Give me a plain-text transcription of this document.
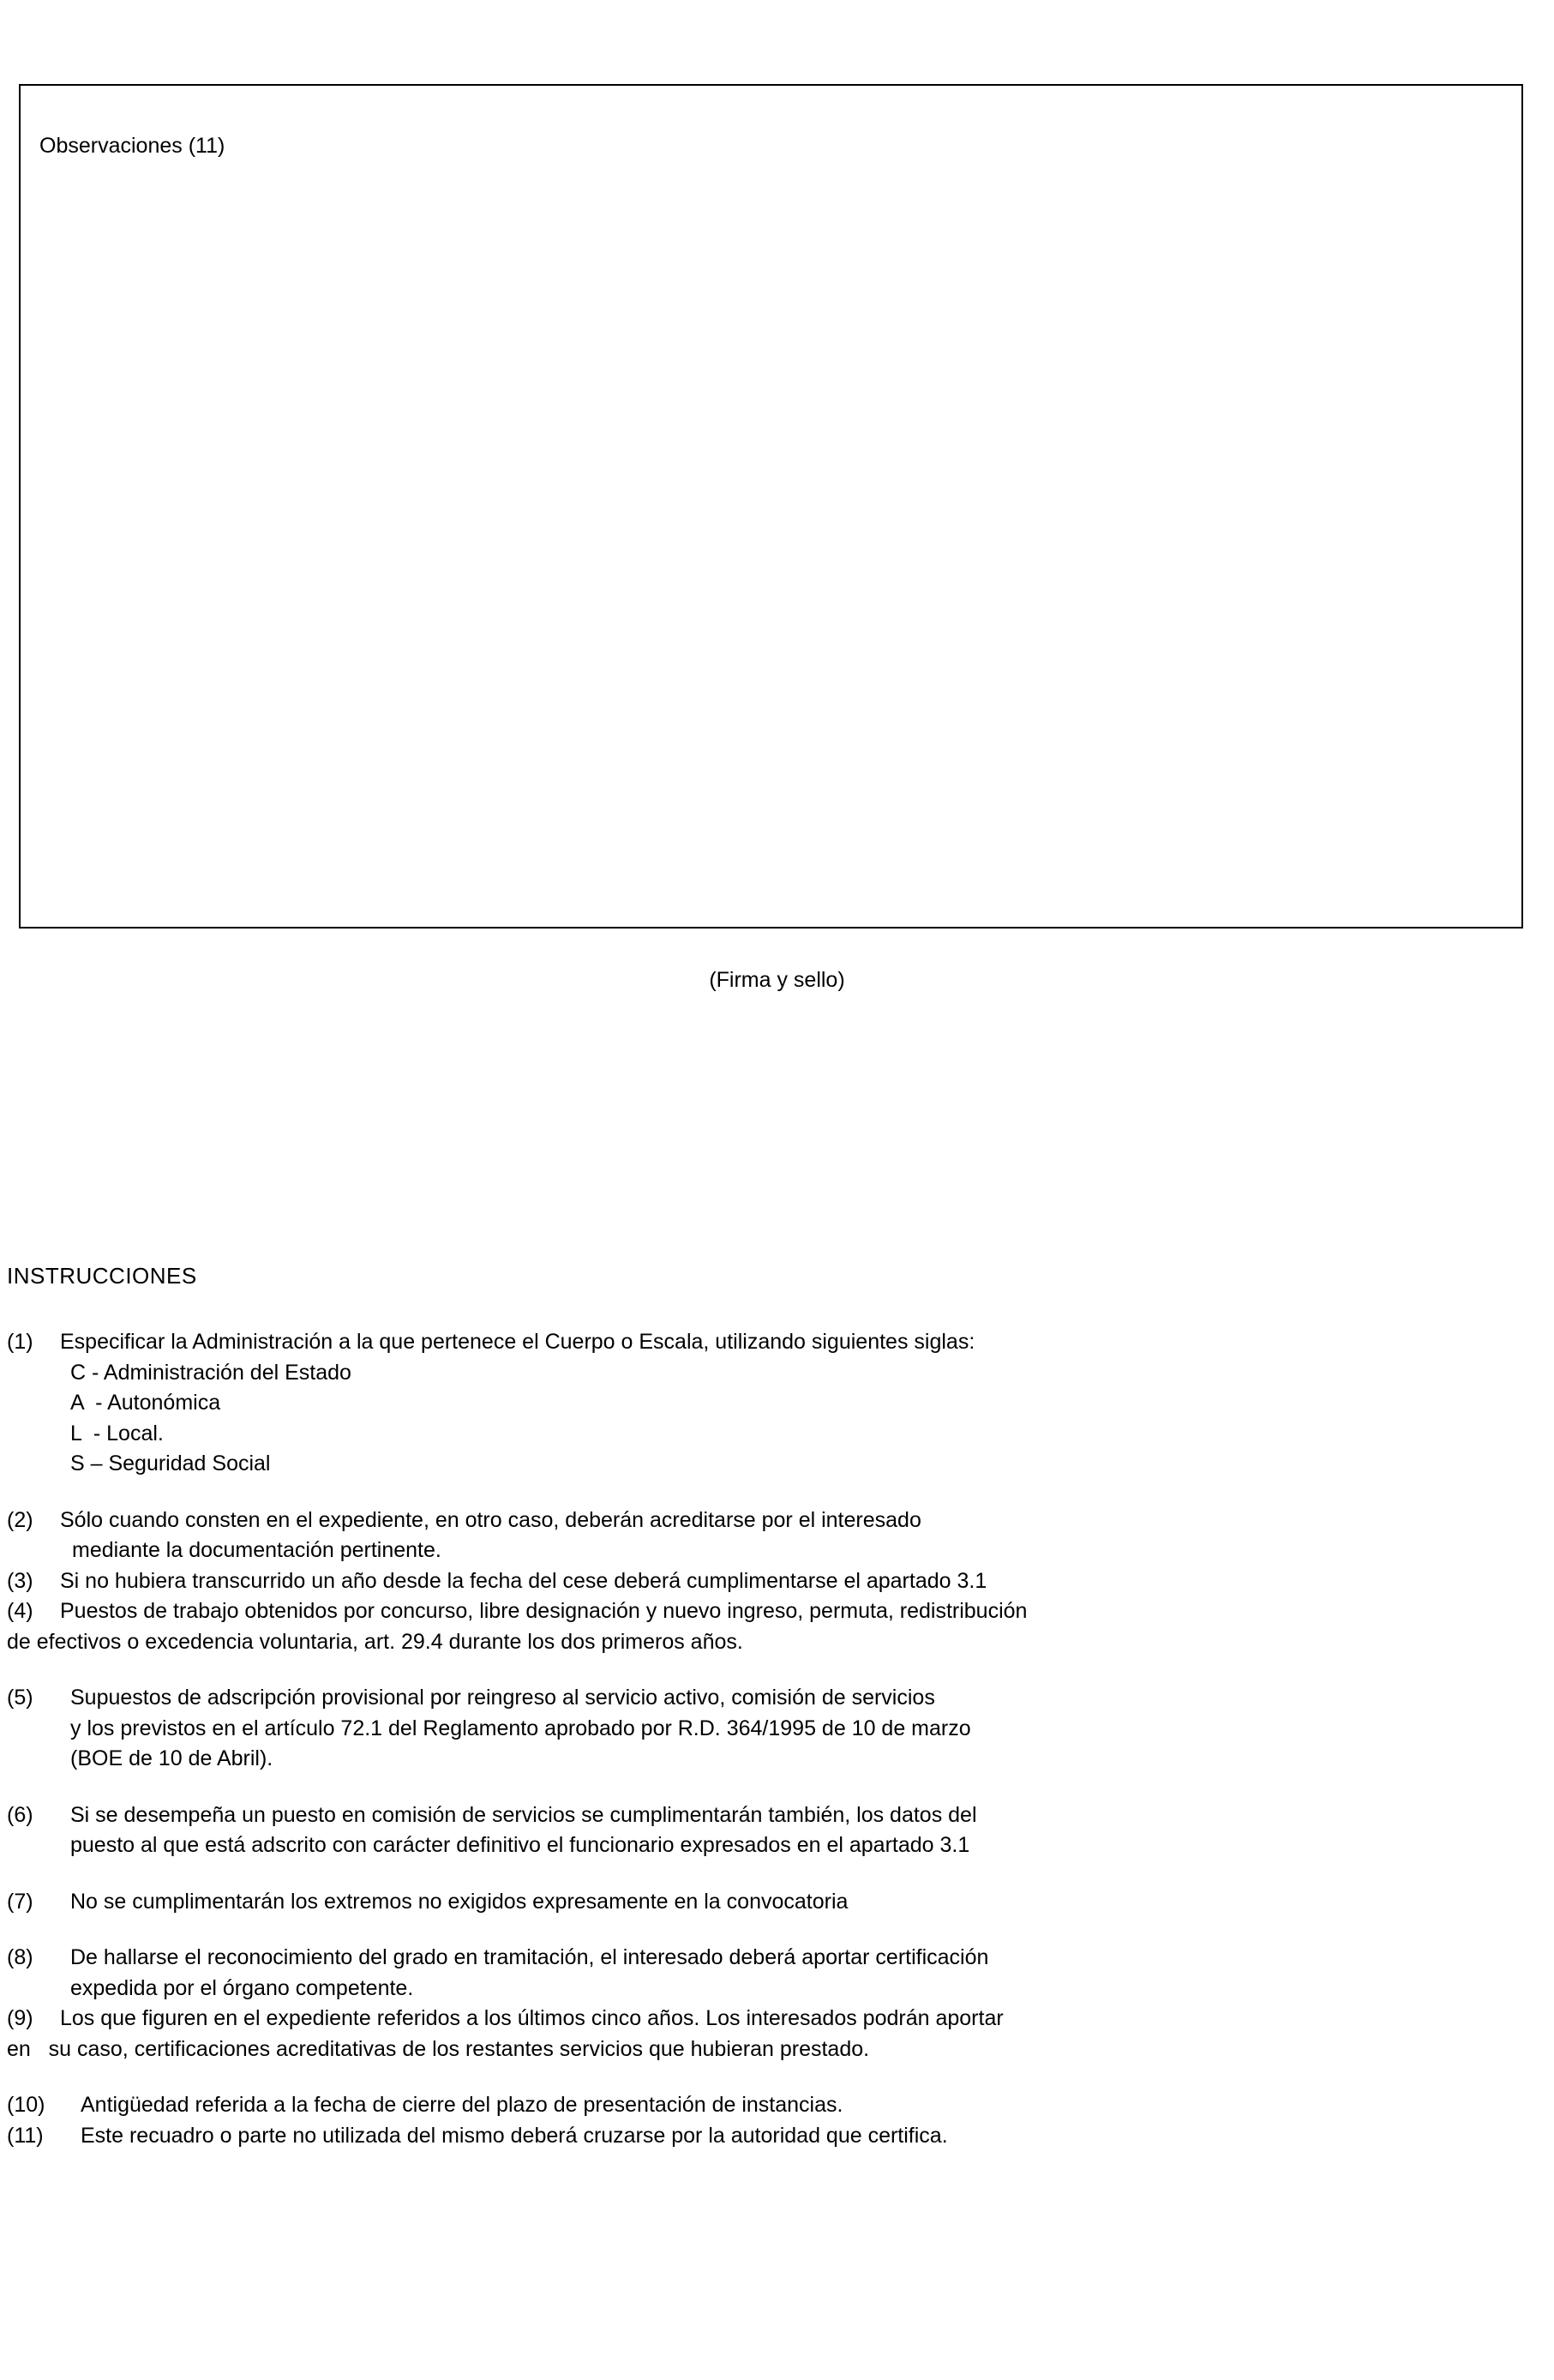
Observaciones (11)
(Firma y sello)
INSTRUCCIONES
(1)	Especificar la Administración a la que pertenece el Cuerpo o Escala, utilizando siguientes siglas:
C - Administración del Estado
A  - Autonómica
L  - Local.
S – Seguridad Social
(2)	Sólo cuando consten en el expediente, en otro caso, deberán acreditarse por el interesado
mediante la documentación pertinente.
(3)	Si no hubiera transcurrido un año desde la fecha del cese deberá cumplimentarse el apartado 3.1
(4)	Puestos de trabajo obtenidos por concurso, libre designación y nuevo ingreso, permuta, redistribución
de efectivos o excedencia voluntaria, art. 29.4 durante los dos primeros años.
(5)	Supuestos de adscripción provisional por reingreso al servicio activo, comisión de servicios
y los previstos en el artículo 72.1 del Reglamento aprobado por R.D. 364/1995 de 10 de marzo
(BOE de 10 de Abril).
(6)	Si se desempeña un puesto en comisión de servicios se cumplimentarán también, los datos del
puesto al que está adscrito con carácter definitivo el funcionario expresados en el apartado 3.1
(7)	No se cumplimentarán los extremos no exigidos expresamente en la convocatoria
(8)	De hallarse el reconocimiento del grado en tramitación, el interesado deberá aportar certificación
expedida por el órgano competente.
(9)	Los que figuren en el expediente referidos a los últimos cinco años. Los interesados podrán aportar
en   su caso, certificaciones acreditativas de los restantes servicios que hubieran prestado.
(10)	Antigüedad referida a la fecha de cierre del plazo de presentación de instancias.
(11)	Este recuadro o parte no utilizada del mismo deberá cruzarse por la autoridad que certifica.
